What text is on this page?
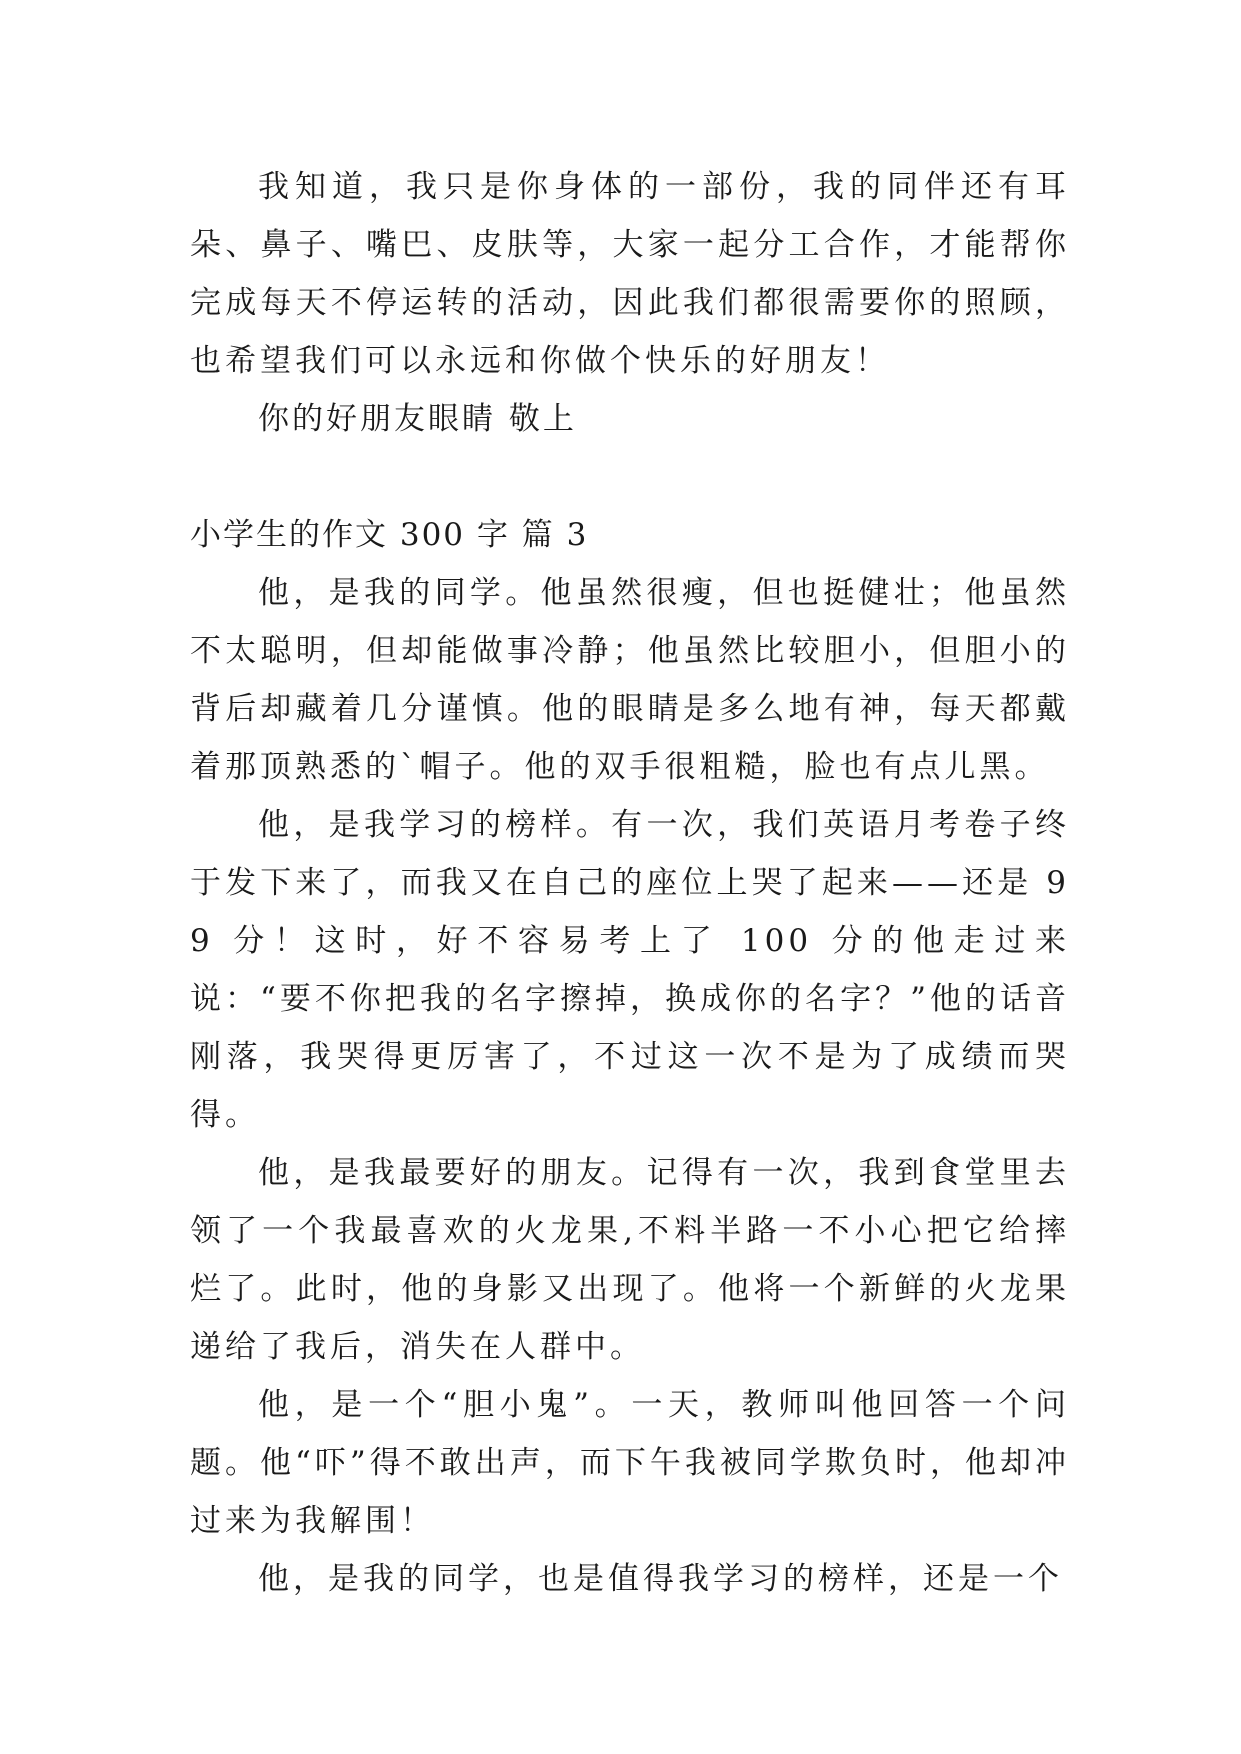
我知道，我只是你身体的一部份，我的同伴还有耳朵、鼻子、嘴巴、皮肤等，大家一起分工合作，才能帮你完成每天不停运转的活动，因此我们都很需要你的照顾，也希望我们可以永远和你做个快乐的好朋友！

你的好朋友眼睛 敬上

小学生的作文 300 字 篇 3

他，是我的同学。他虽然很瘦，但也挺健壮；他虽然不太聪明，但却能做事冷静；他虽然比较胆小，但胆小的背后却藏着几分谨慎。他的眼睛是多么地有神，每天都戴着那顶熟悉的`帽子。他的双手很粗糙，脸也有点儿黑。

他，是我学习的榜样。有一次，我们英语月考卷子终于发下来了，而我又在自己的座位上哭了起来——还是 99 分！这时，好不容易考上了 100 分的他走过来说：“要不你把我的名字擦掉，换成你的名字？”他的话音刚落，我哭得更厉害了，不过这一次不是为了成绩而哭得。

他，是我最要好的朋友。记得有一次，我到食堂里去领了一个我最喜欢的火龙果,不料半路一不小心把它给摔烂了。此时，他的身影又出现了。他将一个新鲜的火龙果递给了我后，消失在人群中。

他，是一个“胆小鬼”。一天，教师叫他回答一个问题。他“吓”得不敢出声，而下午我被同学欺负时，他却冲过来为我解围！

他，是我的同学，也是值得我学习的榜样，还是一个
